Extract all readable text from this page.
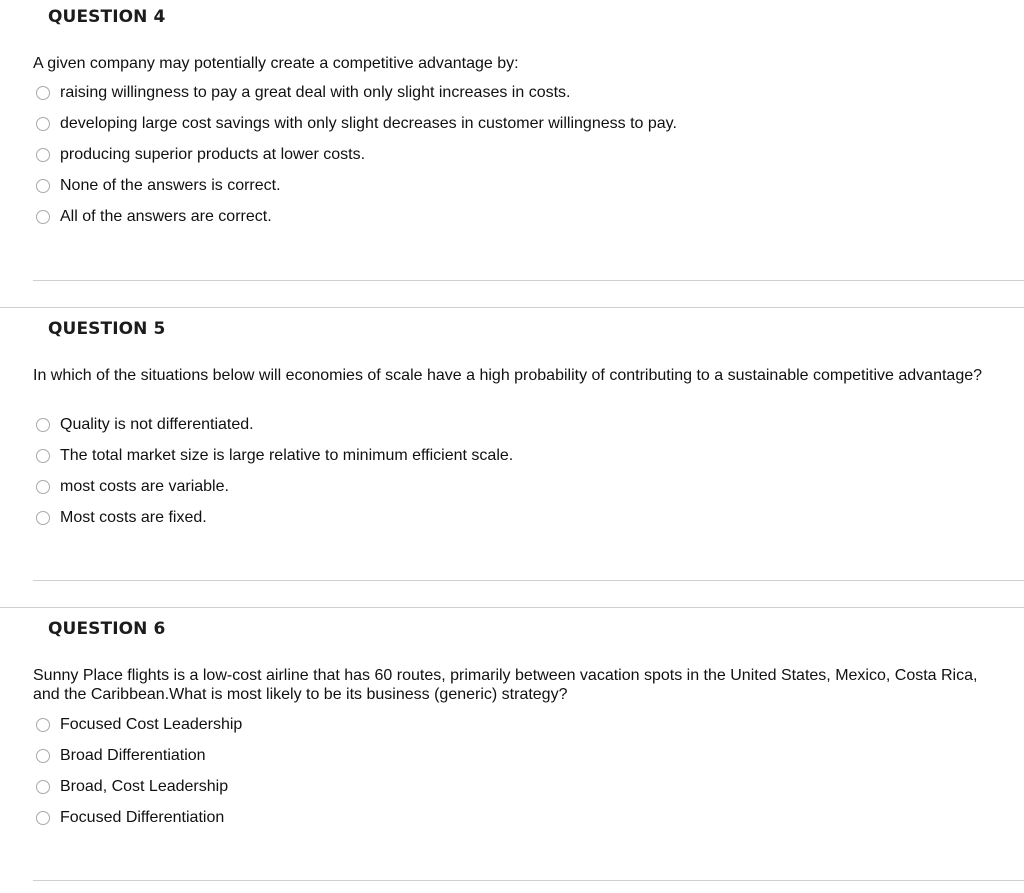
QUESTION 4
A given company may potentially create a competitive advantage by:
raising willingness to pay a great deal with only slight increases in costs.
developing large cost savings with only slight decreases in customer willingness to pay.
producing superior products at lower costs.
None of the answers is correct.
All of the answers are correct.
QUESTION 5
In which of the situations below will economies of scale have a high probability of contributing to a sustainable competitive advantage?
Quality is not differentiated.
The total market size is large relative to minimum efficient scale.
most costs are variable.
Most costs are fixed.
QUESTION 6
Sunny Place flights is a low-cost airline that has 60 routes, primarily between vacation spots in the United States, Mexico, Costa Rica, and the Caribbean.What is most likely to be its business (generic) strategy?
Focused Cost Leadership
Broad Differentiation
Broad, Cost Leadership
Focused Differentiation
